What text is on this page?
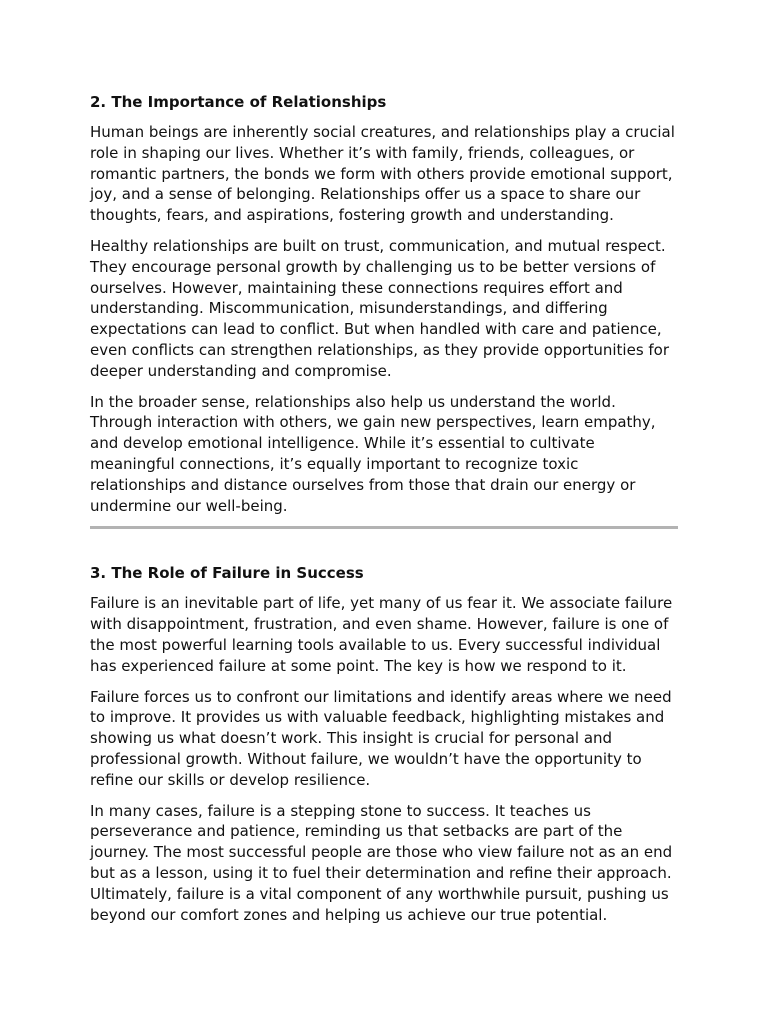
2. The Importance of Relationships

Human beings are inherently social creatures, and relationships play a crucial role in shaping our lives. Whether it’s with family, friends, colleagues, or romantic partners, the bonds we form with others provide emotional support, joy, and a sense of belonging. Relationships offer us a space to share our thoughts, fears, and aspirations, fostering growth and understanding.

Healthy relationships are built on trust, communication, and mutual respect. They encourage personal growth by challenging us to be better versions of ourselves. However, maintaining these connections requires effort and understanding. Miscommunication, misunderstandings, and differing expectations can lead to conflict. But when handled with care and patience, even conflicts can strengthen relationships, as they provide opportunities for deeper understanding and compromise.

In the broader sense, relationships also help us understand the world. Through interaction with others, we gain new perspectives, learn empathy, and develop emotional intelligence. While it’s essential to cultivate meaningful connections, it’s equally important to recognize toxic relationships and distance ourselves from those that drain our energy or undermine our well-being.

3. The Role of Failure in Success

Failure is an inevitable part of life, yet many of us fear it. We associate failure with disappointment, frustration, and even shame. However, failure is one of the most powerful learning tools available to us. Every successful individual has experienced failure at some point. The key is how we respond to it.

Failure forces us to confront our limitations and identify areas where we need to improve. It provides us with valuable feedback, highlighting mistakes and showing us what doesn’t work. This insight is crucial for personal and professional growth. Without failure, we wouldn’t have the opportunity to refine our skills or develop resilience.

In many cases, failure is a stepping stone to success. It teaches us perseverance and patience, reminding us that setbacks are part of the journey. The most successful people are those who view failure not as an end but as a lesson, using it to fuel their determination and refine their approach. Ultimately, failure is a vital component of any worthwhile pursuit, pushing us beyond our comfort zones and helping us achieve our true potential.
